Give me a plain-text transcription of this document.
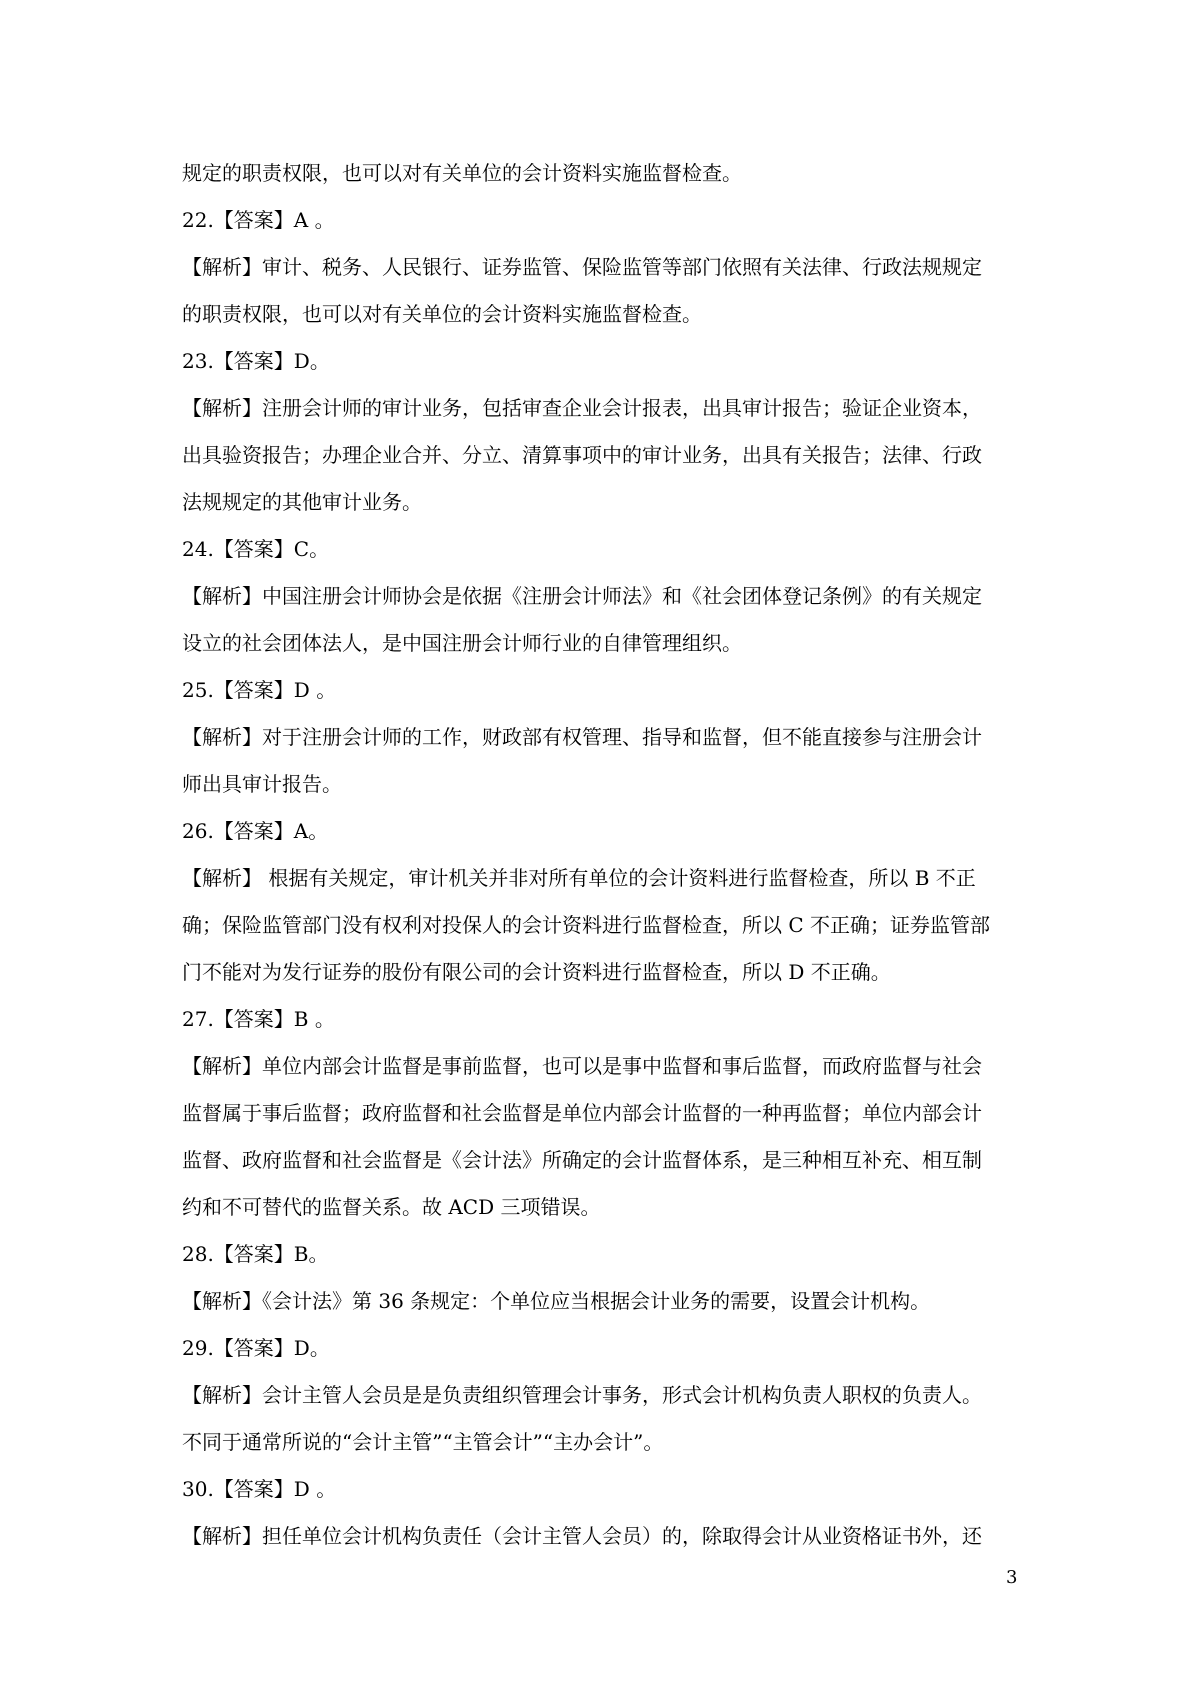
规定的职责权限，也可以对有关单位的会计资料实施监督检查。
22.【答案】A 。
【解析】审计、税务、人民银行、证券监管、保险监管等部门依照有关法律、行政法规规定
的职责权限，也可以对有关单位的会计资料实施监督检查。
23.【答案】D。
【解析】注册会计师的审计业务，包括审查企业会计报表，出具审计报告；验证企业资本，
出具验资报告；办理企业合并、分立、清算事项中的审计业务，出具有关报告；法律、行政
法规规定的其他审计业务。
24.【答案】C。
【解析】中国注册会计师协会是依据《注册会计师法》和《社会团体登记条例》的有关规定
设立的社会团体法人，是中国注册会计师行业的自律管理组织。
25.【答案】D 。
【解析】对于注册会计师的工作，财政部有权管理、指导和监督，但不能直接参与注册会计
师出具审计报告。
26.【答案】A。
【解析】 根据有关规定，审计机关并非对所有单位的会计资料进行监督检查，所以 B 不正
确；保险监管部门没有权利对投保人的会计资料进行监督检查，所以 C 不正确；证券监管部
门不能对为发行证券的股份有限公司的会计资料进行监督检查，所以 D 不正确。
27.【答案】B 。
【解析】单位内部会计监督是事前监督，也可以是事中监督和事后监督，而政府监督与社会
监督属于事后监督；政府监督和社会监督是单位内部会计监督的一种再监督；单位内部会计
监督、政府监督和社会监督是《会计法》所确定的会计监督体系，是三种相互补充、相互制
约和不可替代的监督关系。故 ACD 三项错误。
28.【答案】B。
【解析】《会计法》第 36 条规定：个单位应当根据会计业务的需要，设置会计机构。
29.【答案】D。
【解析】会计主管人会员是是负责组织管理会计事务，形式会计机构负责人职权的负责人。
不同于通常所说的“会计主管”“主管会计”“主办会计”。
30.【答案】D 。
【解析】担任单位会计机构负责任（会计主管人会员）的，除取得会计从业资格证书外，还
3
